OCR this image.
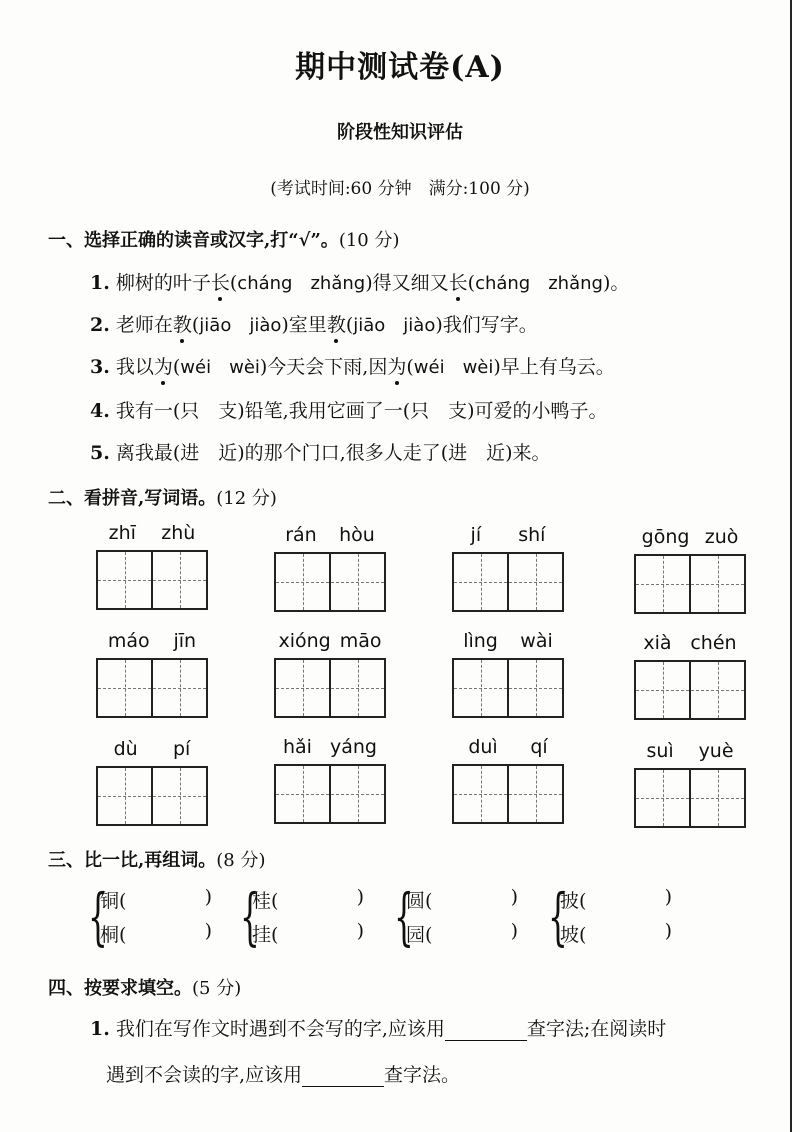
期中测试卷(A)
阶段性知识评估
(考试时间:60 分钟　满分:100 分)
一、选择正确的读音或汉字,打“√”。(10 分)
1. 柳树的叶子长(cháng zhǎng)得又细又长(cháng zhǎng)。
2. 老师在教(jiāo jiào)室里教(jiāo jiào)我们写字。
3. 我以为(wéi wèi)今天会下雨,因为(wéi wèi)早上有乌云。
4. 我有一(只　支)铅笔,我用它画了一(只　支)可爱的小鸭子。
5. 离我最(进　近)的那个门口,很多人走了(进　近)来。
二、看拼音,写词语。(12 分)
zhī zhù	rán hòu	jí shí	gōng zuò
máo jīn	xióng māo	lìng wài	xià chén
dù pí	hǎi yáng	duì qí	suì yuè
三、比一比,再组词。(8 分)
{
铜(	)
桐(	) {
桂(	)
挂(	) {
圆(	)
园(	) {
披(	)
坡(	)
四、按要求填空。(5 分)
1. 我们在写作文时遇到不会写的字,应该用	查字法;在阅读时
遇到不会读的字,应该用	查字法。
